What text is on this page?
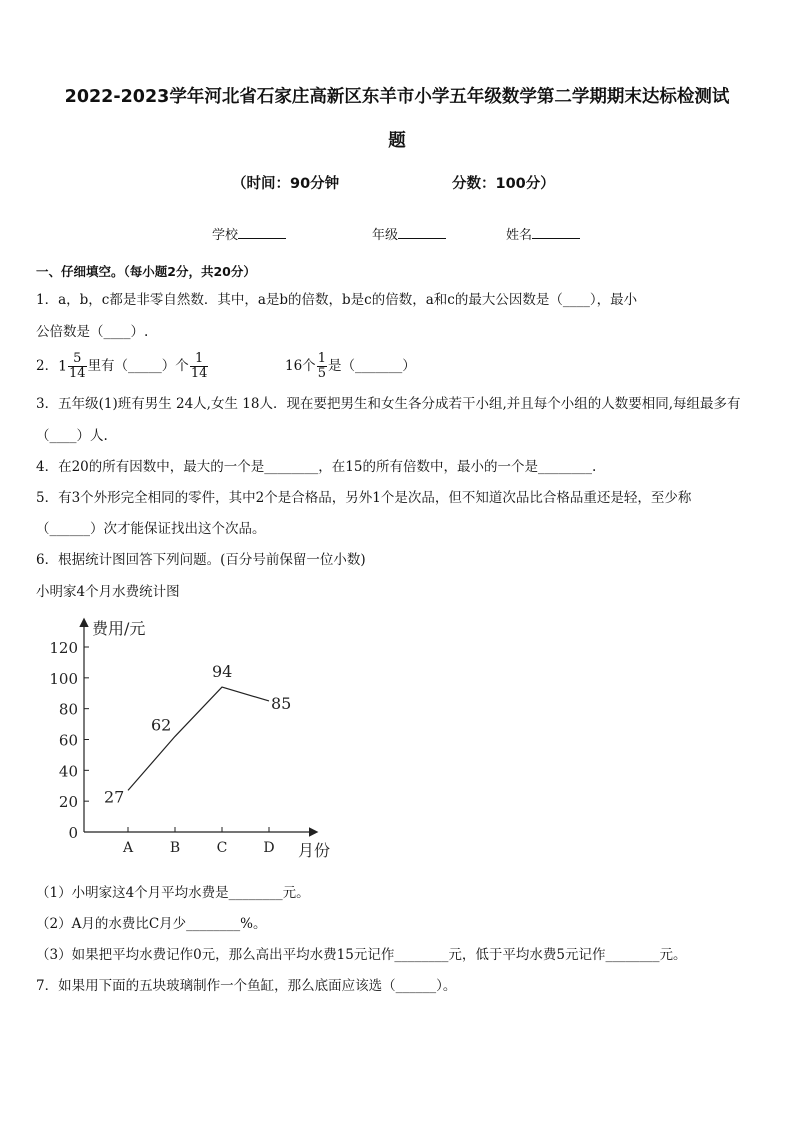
2022-2023学年河北省石家庄高新区东羊市小学五年级数学第二学期期末达标检测试
题
（时间：90分钟	分数：100分）
学校	年级	姓名
一、仔细填空。（每小题2分，共20分）
1．a，b，c都是非零自然数．其中，a是b的倍数，b是c的倍数，a和c的最大公因数是（____），最小
公倍数是（____）.
2．$1 \frac{5}{14}$ 里有（_____）个 $\frac{1}{14}$	16个 $\frac{1}{5}$ 是（_______）
3．五年级(1)班有男生 24人,女生 18人．现在要把男生和女生各分成若干小组,并且每个小组的人数要相同,每组最多有
（____）人.
4．在20的所有因数中，最大的一个是________，在15的所有倍数中，最小的一个是________.
5．有3个外形完全相同的零件，其中2个是合格品，另外1个是次品，但不知道次品比合格品重还是轻，至少称
（______）次才能保证找出这个次品。
6．根据统计图回答下列问题。(百分号前保留一位小数)
小明家4个月水费统计图
费用/元
月份
0
20
40
60
80
100
120
A	B	C	D
27
62
94
85
（1）小明家这4个月平均水费是________元。
（2）A月的水费比C月少________%。
（3）如果把平均水费记作0元，那么高出平均水费15元记作________元，低于平均水费5元记作________元。
7．如果用下面的五块玻璃制作一个鱼缸，那么底面应该选（______）。
